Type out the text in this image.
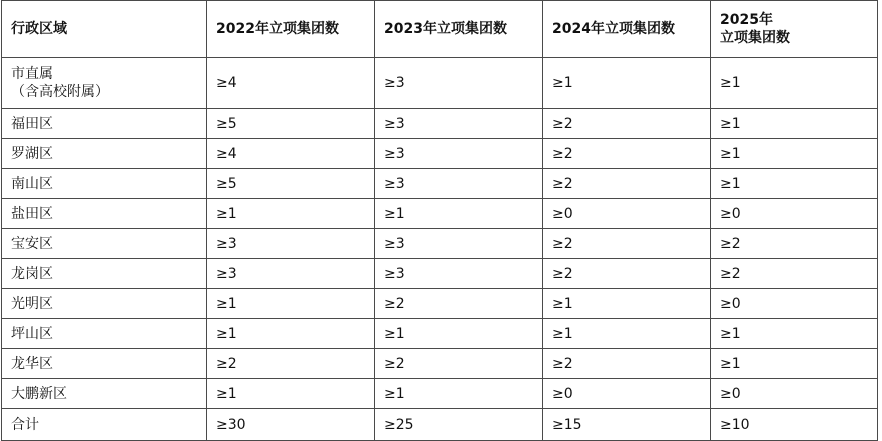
行政区域	2022年立项集团数	2023年立项集团数	2024年立项集团数	2025年
立项集团数

市直属
（含高校附属）	≥4	≥3	≥1	≥1
福田区	≥5	≥3	≥2	≥1
罗湖区	≥4	≥3	≥2	≥1
南山区	≥5	≥3	≥2	≥1
盐田区	≥1	≥1	≥0	≥0
宝安区	≥3	≥3	≥2	≥2
龙岗区	≥3	≥3	≥2	≥2
光明区	≥1	≥2	≥1	≥0
坪山区	≥1	≥1	≥1	≥1
龙华区	≥2	≥2	≥2	≥1
大鹏新区	≥1	≥1	≥0	≥0
合计	≥30	≥25	≥15	≥10
